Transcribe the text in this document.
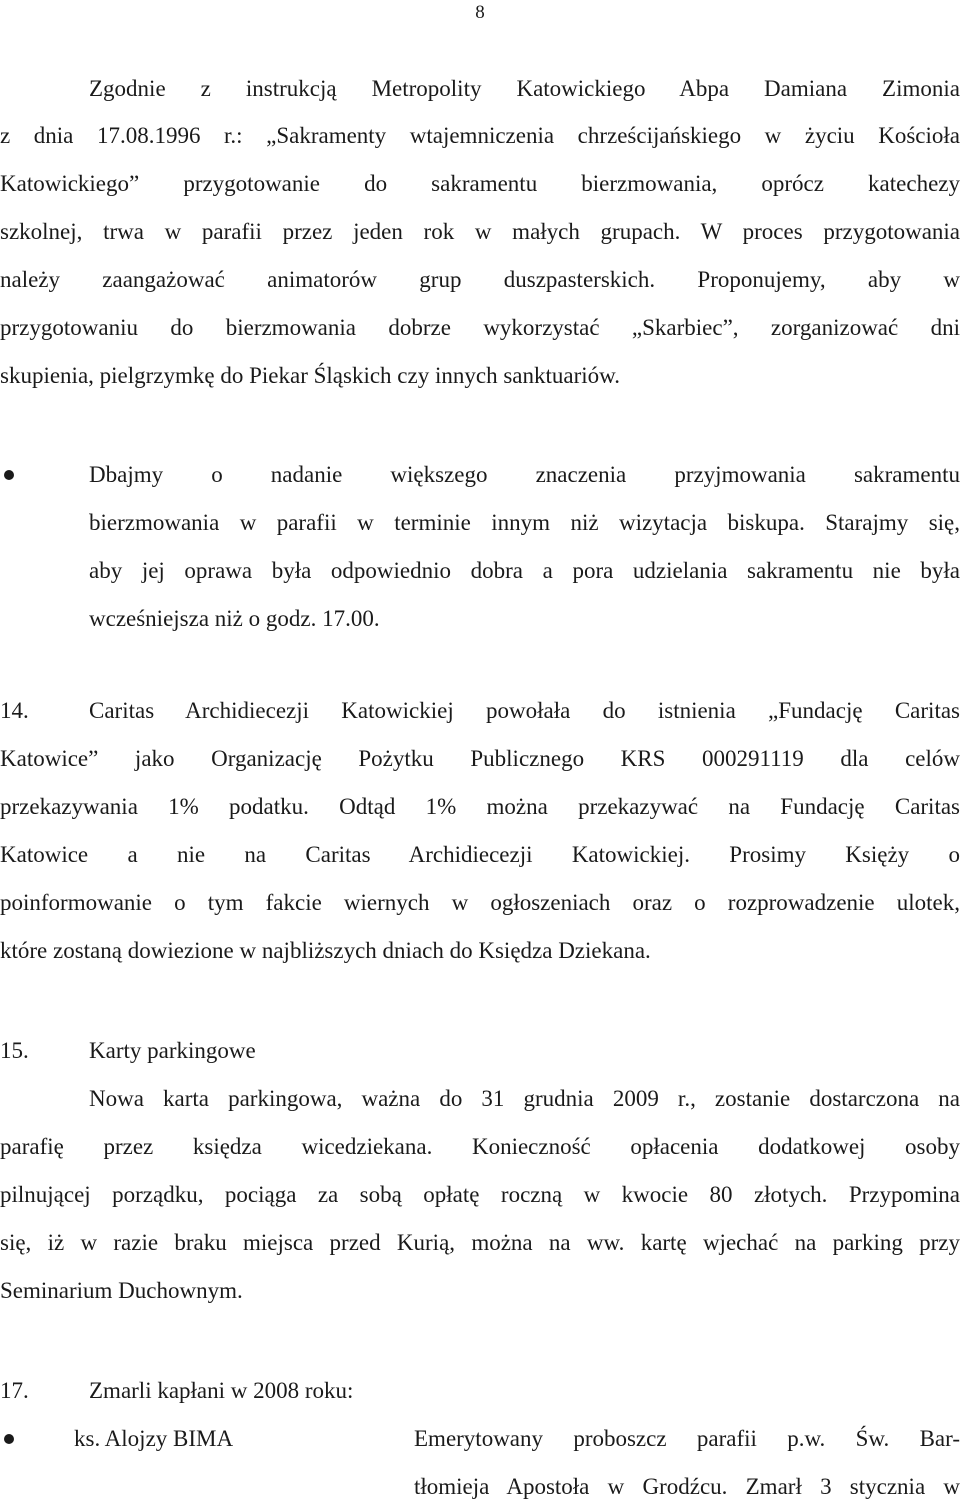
8
Zgodnie z instrukcją Metropolity Katowickiego Abpa Damiana Zimonia
z dnia 17.08.1996 r.: „Sakramenty wtajemniczenia chrześcijańskiego w życiu Kościoła
Katowickiego” przygotowanie do sakramentu bierzmowania, oprócz katechezy
szkolnej, trwa w parafii przez jeden rok w małych grupach. W proces przygotowania
należy zaangażować animatorów grup duszpasterskich. Proponujemy, aby w
przygotowaniu do bierzmowania dobrze wykorzystać „Skarbiec”, zorganizować dni
skupienia, pielgrzymkę do Piekar Śląskich czy innych sanktuariów.
Dbajmy o nadanie większego znaczenia przyjmowania sakramentu
bierzmowania w parafii w terminie innym niż wizytacja biskupa. Starajmy się,
aby jej oprawa była odpowiednio dobra a pora udzielania sakramentu nie była
wcześniejsza niż o godz. 17.00.
14.	Caritas Archidiecezji Katowickiej powołała do istnienia „Fundację Caritas
Katowice” jako Organizację Pożytku Publicznego KRS 000291119 dla celów
przekazywania 1% podatku. Odtąd 1% można przekazywać na Fundację Caritas
Katowice a nie na Caritas Archidiecezji Katowickiej. Prosimy Księży o
poinformowanie o tym fakcie wiernych w ogłoszeniach oraz o rozprowadzenie ulotek,
które zostaną dowiezione w najbliższych dniach do Księdza Dziekana.
15.	Karty parkingowe
Nowa karta parkingowa, ważna do 31 grudnia 2009 r., zostanie dostarczona na
parafię przez księdza wicedziekana. Konieczność opłacenia dodatkowej osoby
pilnującej porządku, pociąga za sobą opłatę roczną w kwocie 80 złotych. Przypomina
się, iż w razie braku miejsca przed Kurią, można na ww. kartę wjechać na parking przy
Seminarium Duchownym.
17.	Zmarli kapłani w 2008 roku:
ks. Alojzy BIMA	Emerytowany proboszcz parafii p.w. Św. Bar-
tłomieja Apostoła w Grodźcu. Zmarł 3 stycznia w
